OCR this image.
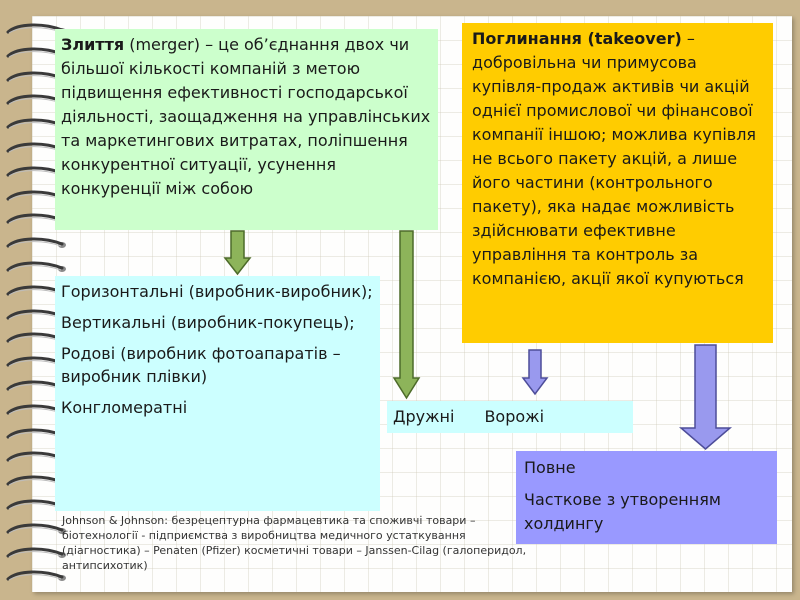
Злиття (merger) – це об’єднання двох чи більшої кількості компаній з метою підвищення ефективності господарської діяльності, заощадження на управлінських та маркетингових витратах, поліпшення конкурентної ситуації, усунення конкуренції між собою
Поглинання (takeover) – добровільна чи примусова купівля-продаж активів чи акцій однієї промислової чи фінансової компанії іншою; можлива купівля не всього пакету акцій, а лише його частини (контрольного пакету), яка надає можливість здійснювати ефективне управління та контроль за компанією, акції якої купуються

Горизонтальні (виробник-виробник);

Вертикальні (виробник-покупець);

Родові (виробник фотоапаратів – виробник плівки)

Конгломератні	Дружні Ворожі

Повне

Часткове з утворенням холдингу

Johnson & Johnson: безрецептурна фармацевтика та споживчі товари – біотехнології - підприємства з виробництва медичного устаткування (діагностика) – Penaten (Pfizer) косметичні товари – Janssen-Cilag (галоперидол, антипсихотик)
